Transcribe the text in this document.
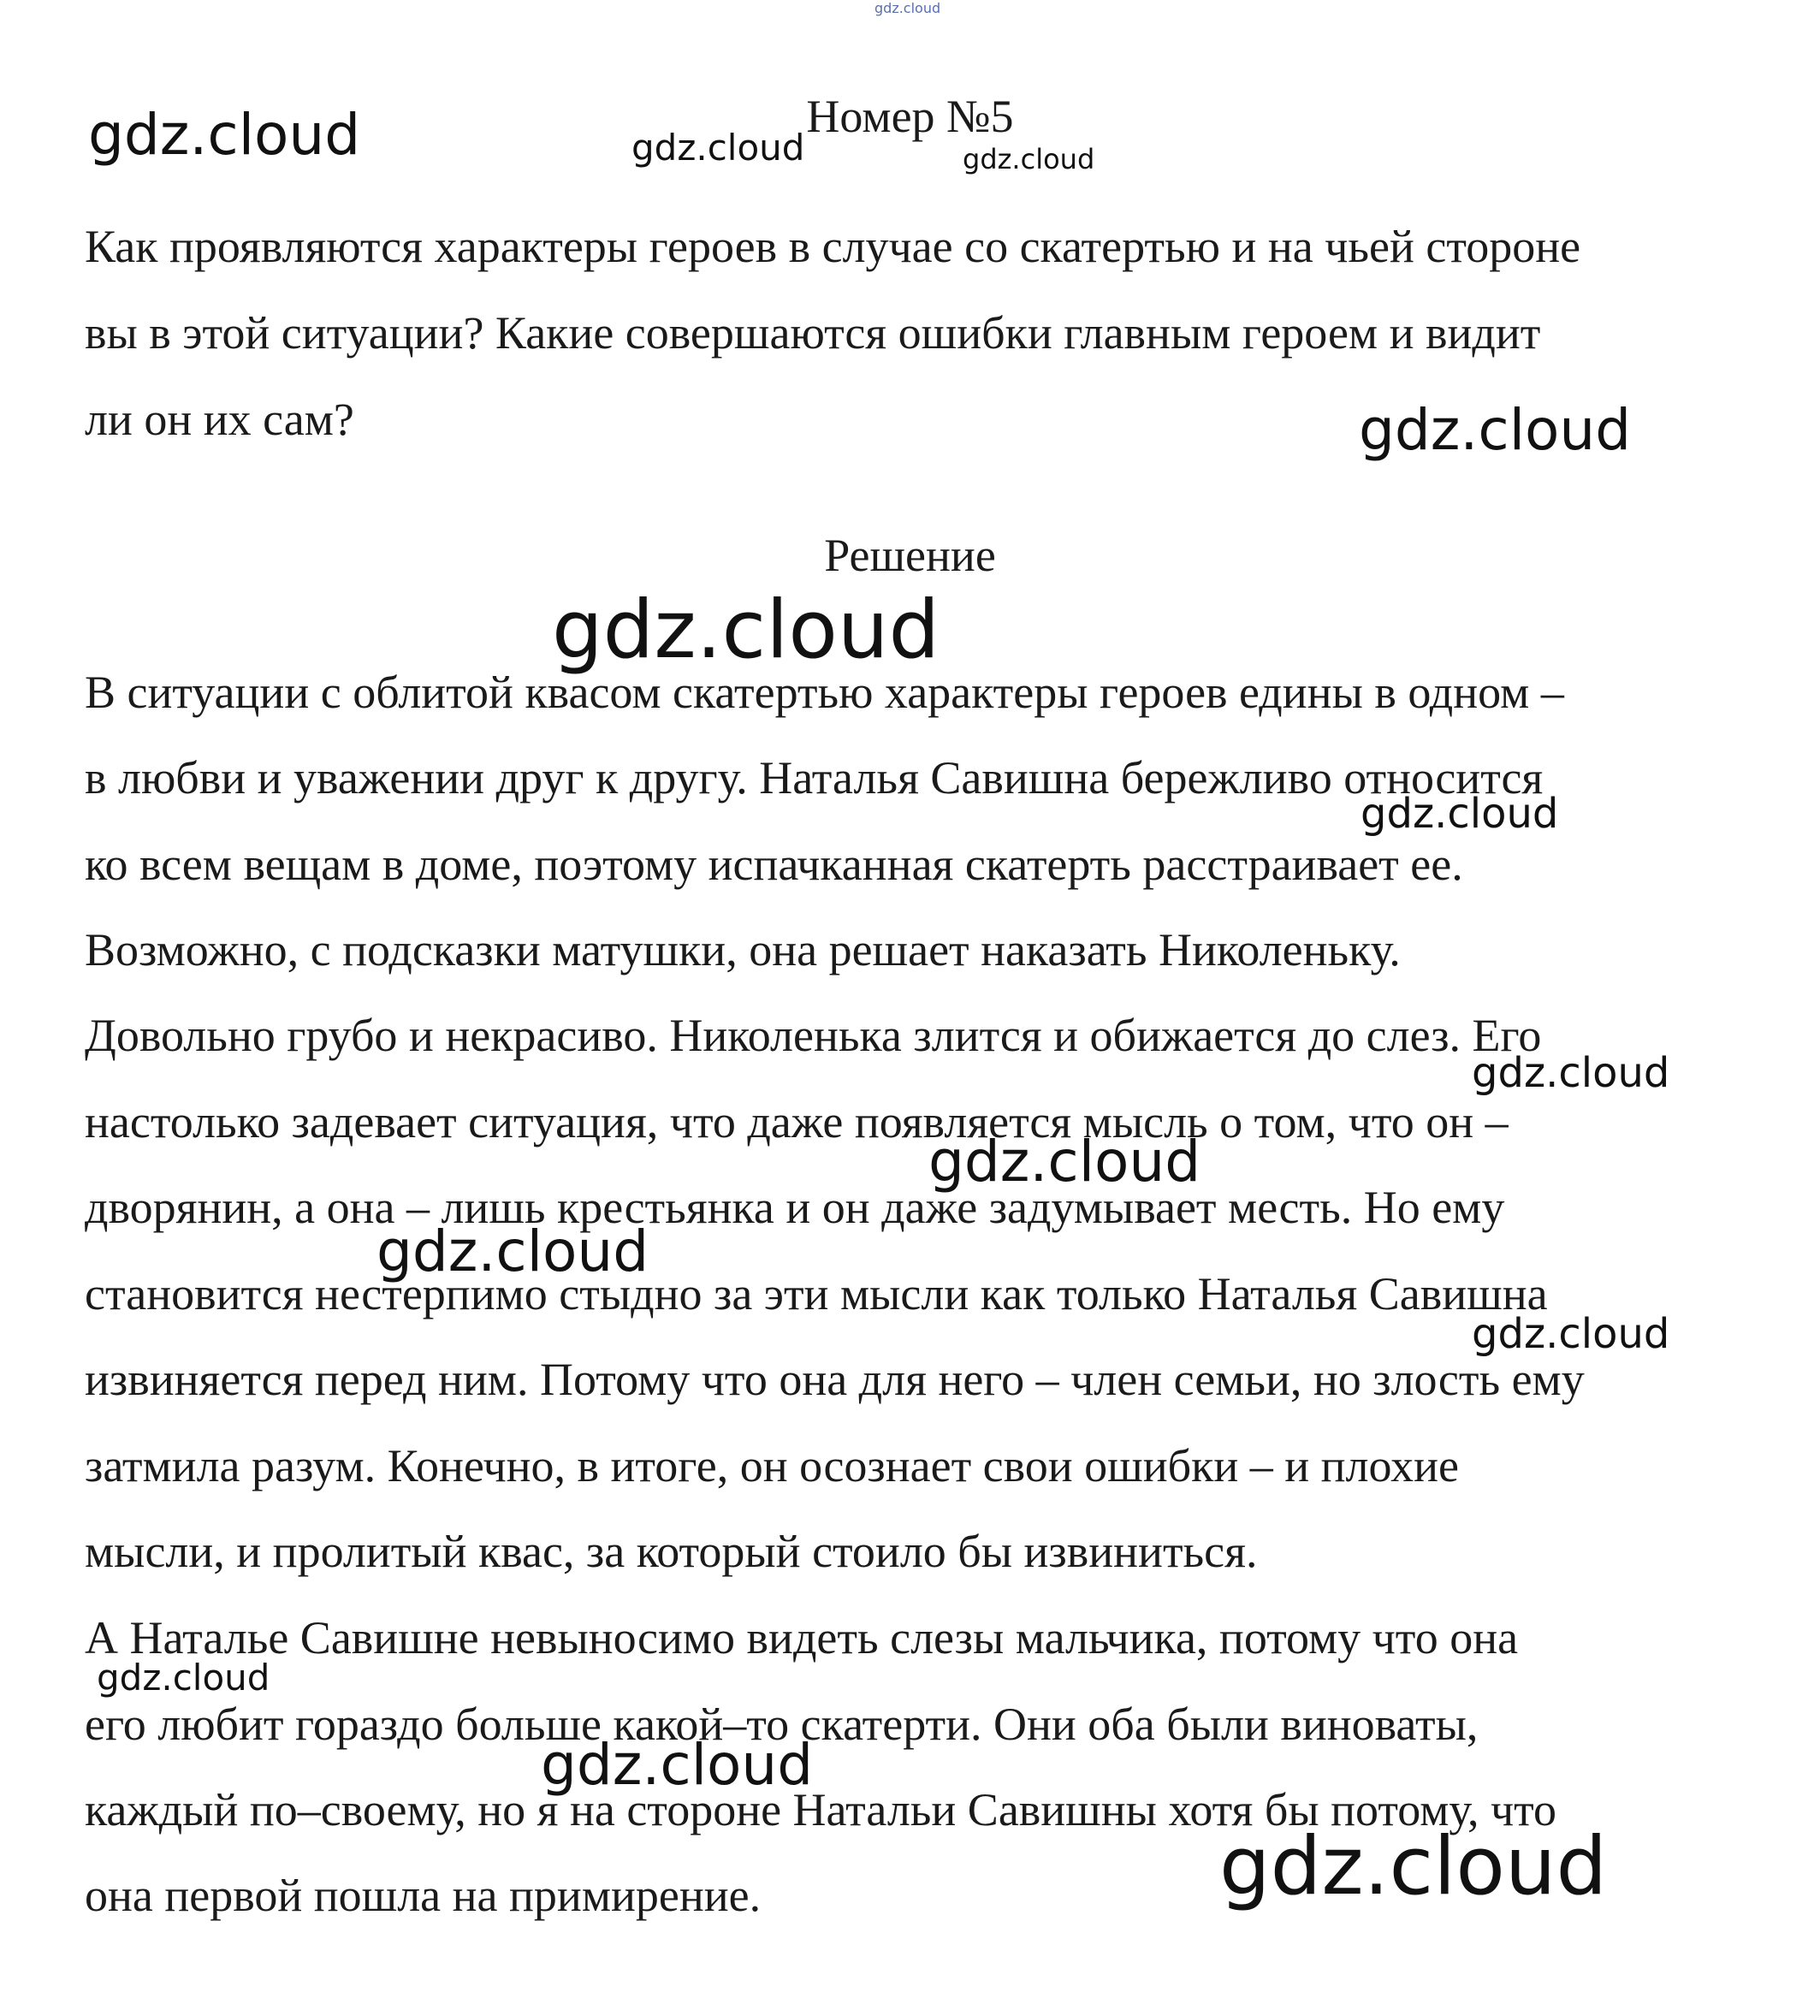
gdz.cloud
Номер №5

Как проявляются характеры героев в случае со скатертью и на чьей стороне

вы в этой ситуации? Какие совершаются ошибки главным героем и видит

ли он их сам?

Решение

В ситуации с облитой квасом скатертью характеры героев едины в одном –

в любви и уважении друг к другу. Наталья Савишна бережливо относится

ко всем вещам в доме, поэтому испачканная скатерть расстраивает ее.

Возможно, с подсказки матушки, она решает наказать Николеньку.

Довольно грубо и некрасиво. Николенька злится и обижается до слез. Его

настолько задевает ситуация, что даже появляется мысль о том, что он –

дворянин, а она – лишь крестьянка и он даже задумывает месть. Но ему

становится нестерпимо стыдно за эти мысли как только Наталья Савишна

извиняется перед ним. Потому что она для него – член семьи, но злость ему

затмила разум. Конечно, в итоге, он осознает свои ошибки – и плохие

мысли, и пролитый квас, за который стоило бы извиниться.

А Наталье Савишне невыносимо видеть слезы мальчика, потому что она

его любит гораздо больше какой–то скатерти. Они оба были виноваты,

каждый по–своему, но я на стороне Натальи Савишны хотя бы потому, что

она первой пошла на примирение.

gdz.cloud	gdz.cloud	gdz.cloud
gdz.cloud
gdz.cloud
gdz.cloud
gdz.cloud
gdz.cloud
gdz.cloud
gdz.cloud
gdz.cloud
gdz.cloud
gdz.cloud
